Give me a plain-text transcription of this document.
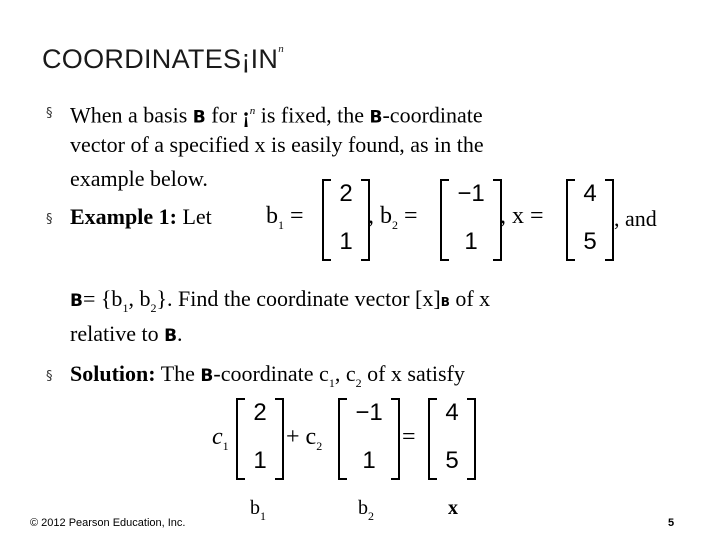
$COORDINATES¡IN^n$
§ When a basis B for ¡$^n$ is fixed, the B-coordinate
vector of a specified x is easily found, as in the
example below.
§ Example 1: Let $b_1$ =
2
1
, $b_2$ =
−1
1
, x =
4
5
, and
$B= \{b_1$, $b_2$}. Find the coordinate vector [x]B of x
relative to B.
§ Solution: The B-coordinate $c_1$, $c_2$ of x satisfy
$c_1$
2
1
+ $c_2$
−1
1
=
4
5
$b_1$	$b_2$	x
© 2012 Pearson Education, Inc.	5
